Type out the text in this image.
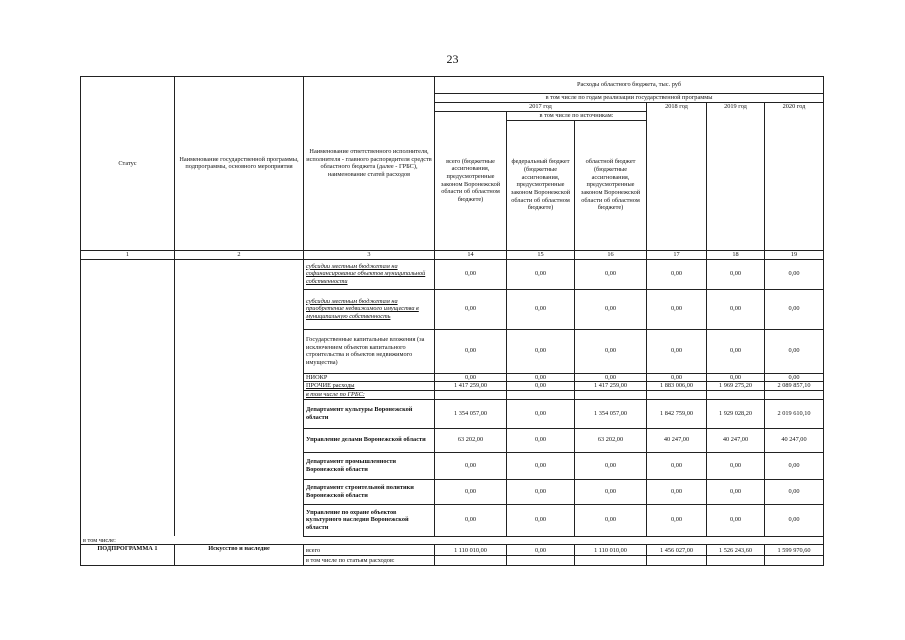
23
Статус	Наименование государственной программы, подпрограммы, основного мероприятия	Наименование ответственного исполнителя, исполнителя - главного распорядителя средств областного бюджета (далее - ГРБС), наименование статей расходов	Расходы областного бюджета, тыс. руб					
			в том числе по годам реализации государственной программы					
			2017 год			2018 год	2019 год	2020 год
			всего (бюджетные ассигнования, предусмотренные законом Воронежской области об областном бюджете)	в том числе по источникам:				
				федеральный бюджет (бюджетные ассигнования, предусмотренные законом Воронежской области об областном бюджете)	областной бюджет (бюджетные ассигнования, предусмотренные законом Воронежской области об областном бюджете)			
1	2	3	14	15	16	17	18	19
		субсидии местным бюджетам на софинансирование объектов муниципальной собственности	0,00	0,00	0,00	0,00	0,00	0,00
		субсидии местным бюджетам на приобретение недвижимого имущества в муниципальную собственность	0,00	0,00	0,00	0,00	0,00	0,00
		Государственные капитальные вложения (за исключением объектов капитального строительства и объектов недвижимого имущества)	0,00	0,00	0,00	0,00	0,00	0,00
		НИОКР	0,00	0,00	0,00	0,00	0,00	0,00
		ПРОЧИЕ расходы	1 417 259,00	0,00	1 417 259,00	1 883 006,00	1 969 275,20	2 089 857,10
		в том числе по ГРБС:						
		Департамент культуры Воронежской области	1 354 057,00	0,00	1 354 057,00	1 842 759,00	1 929 028,20	2 019 610,10
		Управление делами Воронежской области	63 202,00	0,00	63 202,00	40 247,00	40 247,00	40 247,00
		Департамент промышленности Воронежской области	0,00	0,00	0,00	0,00	0,00	0,00
		Департамент строительной политики Воронежской области	0,00	0,00	0,00	0,00	0,00	0,00
		Управление по охране объектов культурного наследия Воронежской области	0,00	0,00	0,00	0,00	0,00	0,00
в том числе:								
ПОДПРОГРАММА 1	Искусство и наследие	всего	1 110 010,00	0,00	1 110 010,00	1 456 027,00	1 526 243,60	1 599 970,60
		в том числе по статьям расходов:						
